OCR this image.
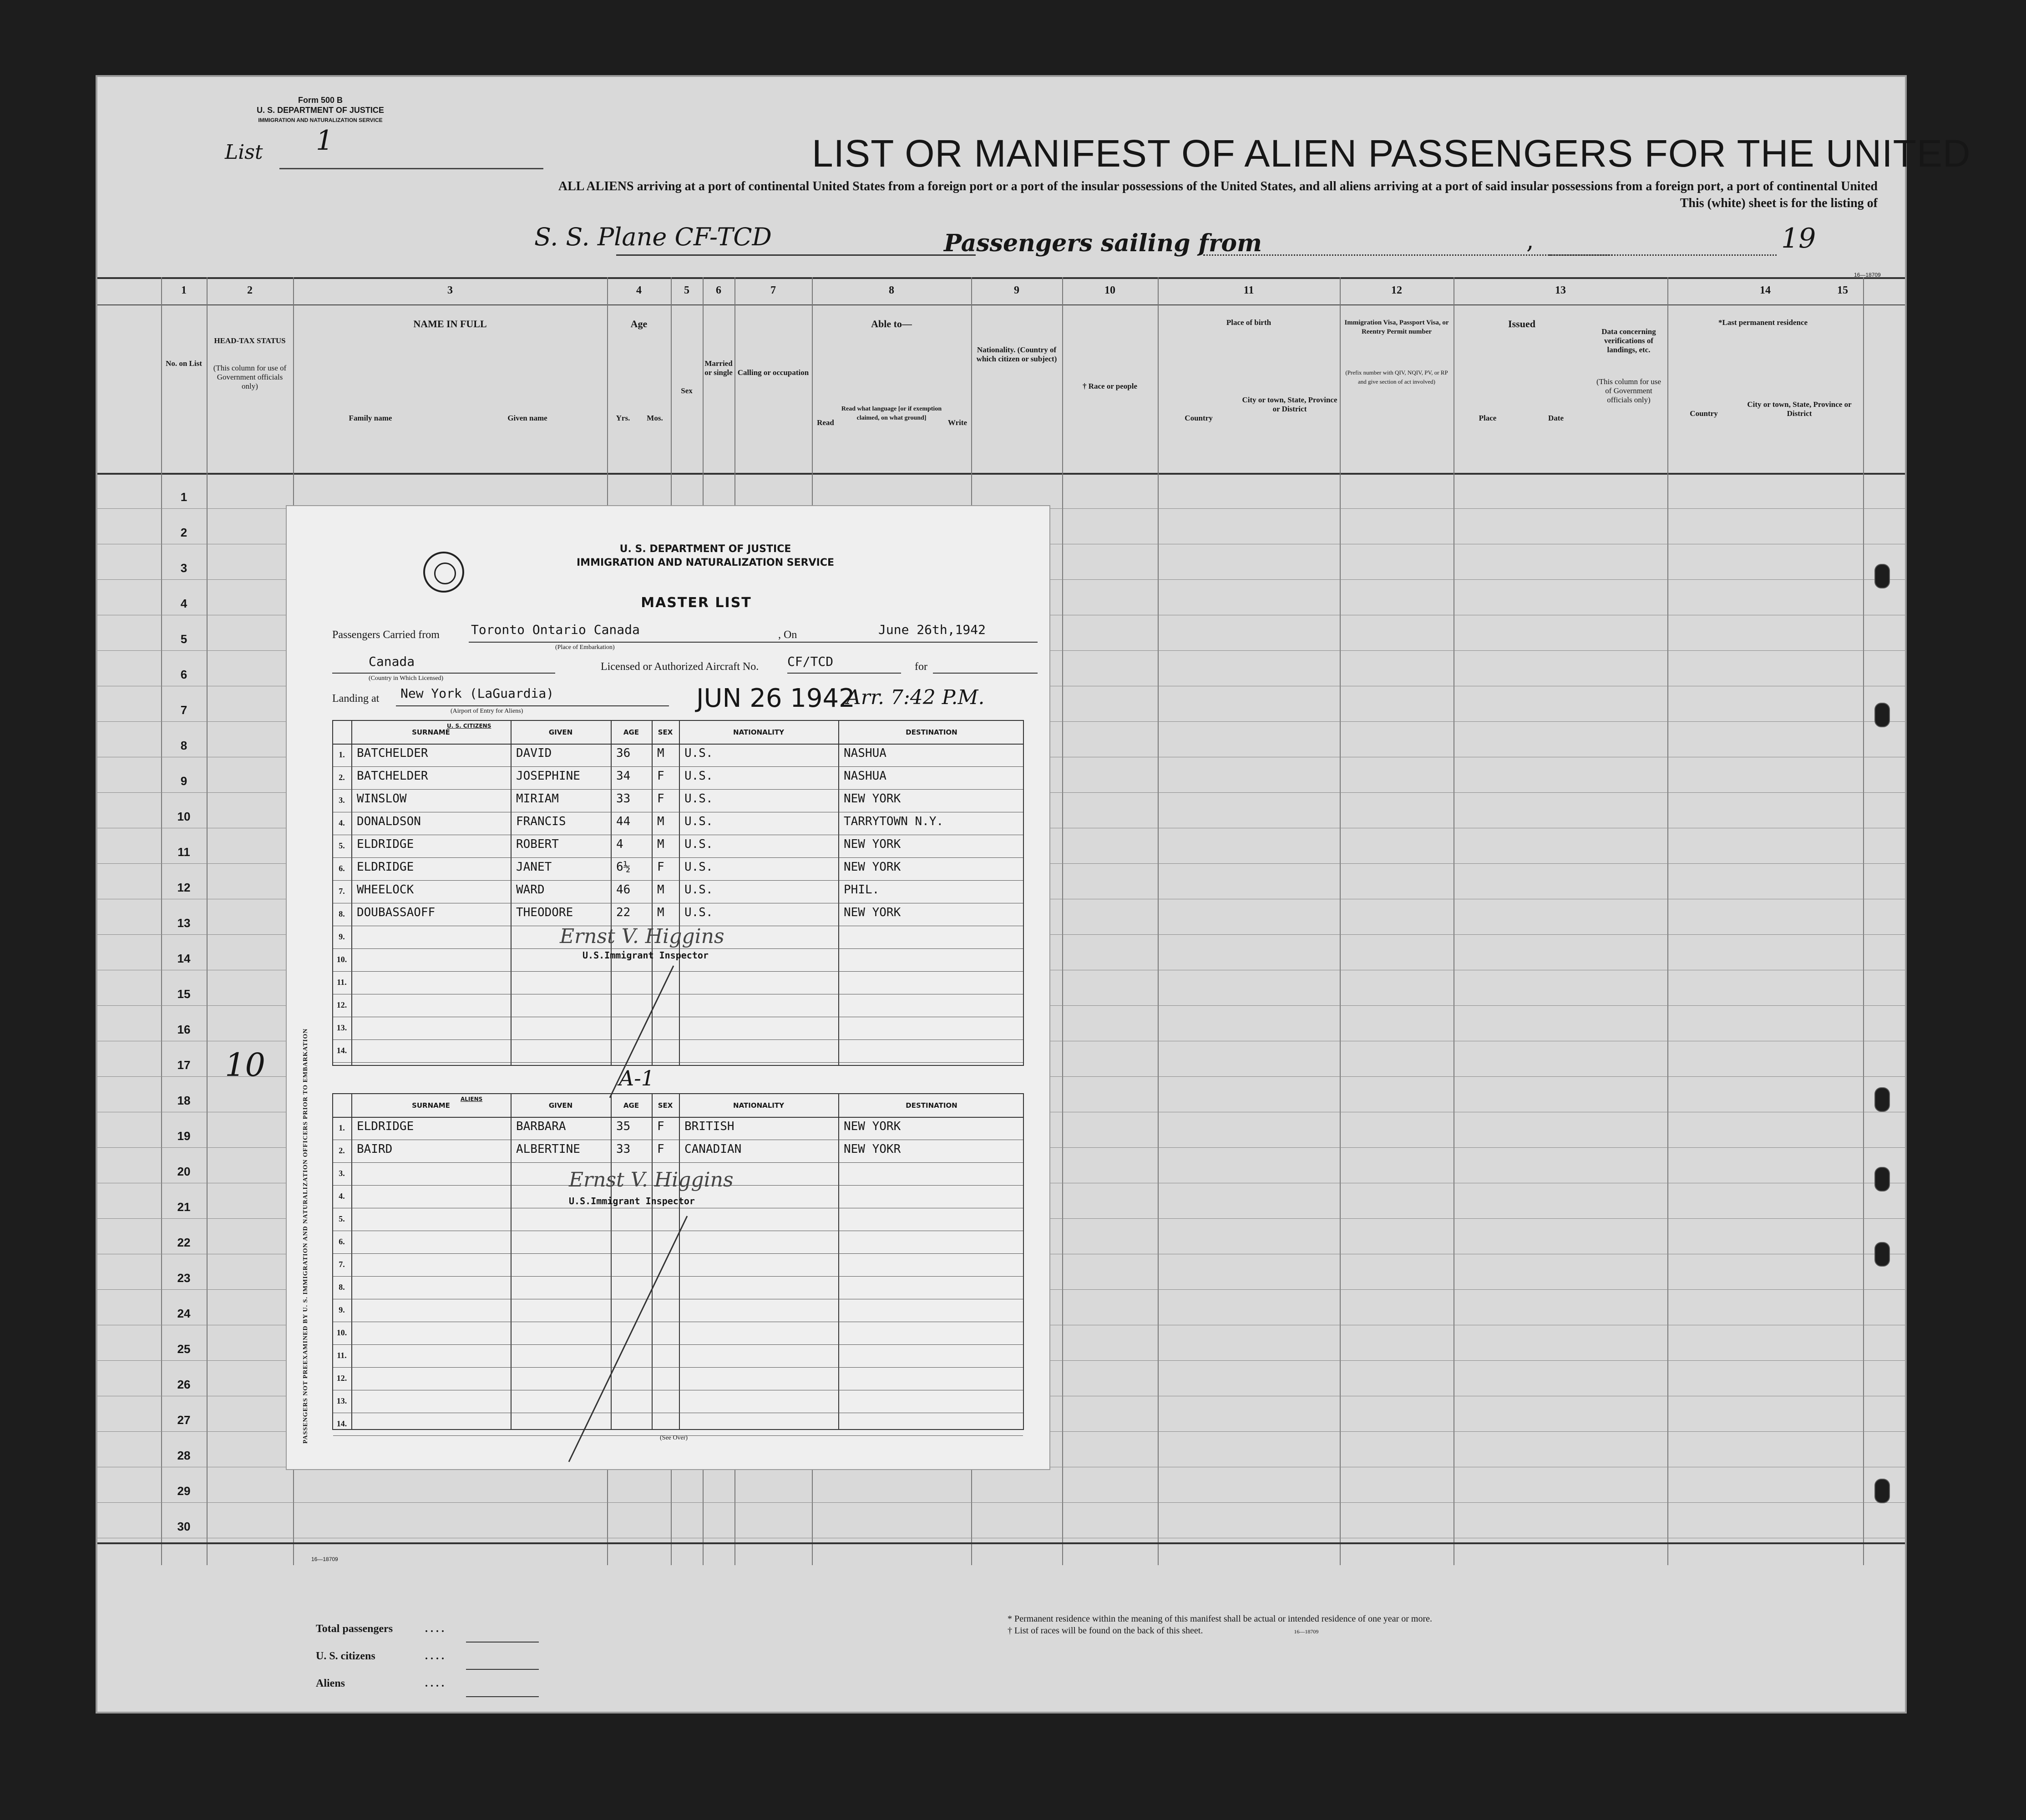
Form 500 B
U. S. DEPARTMENT OF JUSTICE
IMMIGRATION AND NATURALIZATION SERVICE
List 1	LIST OR MANIFEST OF ALIEN PASSENGERS FOR THE UNITED
ALL ALIENS arriving at a port of continental United States from a foreign port or a port of the insular possessions of the United States, and all aliens arriving at a port of said insular possessions from a foreign port, a port of continental United
This (white) sheet is for the listing of
S. S. Plane CF-TCD	Passengers sailing from	,	19
16—18709
1	2	3	4	5	6	7	8	9	10	11	12	13	14	15
No. on List
HEAD-TAX STATUS
(This column for use of Government officials only)
NAME IN FULL
Family name	Given name
Age
Yrs.	Mos.
Sex
Married or single Calling or occupation
Able to—
Read
Read what language [or if exemption claimed, on what ground]
Write
Nationality. (Country of which citizen or subject)
† Race or people
Place of birth
Country
City or town, State, Province or District
Immigration Visa, Passport Visa, or Reentry Permit number
(Prefix number with QIV, NQIV, PV, or RP and give section of act involved)
Issued
Place	Date
Data concerning verifications of landings, etc.
(This column for use of Government officials only)
*Last permanent residence
Country
City or town, State, Province or District
1
2
3
4
5
6
7
8
9
10
11
12
13
14
15
16
17
18
19
20
21
22
23
24
25
26
27
28
29
30
10
16—18709
Total passengers	. . . .
U. S. citizens	. . . .
Aliens	. . . .
* Permanent residence within the meaning of this manifest shall be actual or intended residence of one year or more.
† List of races will be found on the back of this sheet.	16—18709
U. S. DEPARTMENT OF JUSTICE
IMMIGRATION AND NATURALIZATION SERVICE
MASTER LIST
Passengers Carried from Toronto Ontario Canada
(Place of Embarkation)
, On	June 26th,1942
Canada
(Country in Which Licensed)
Licensed or Authorized Aircraft No. CF/TCD	for
Landing at New York (LaGuardia)
(Airport of Entry for Aliens)	JUN 26 1942
Arr. 7:42 P.M.
U. S. CITIZENS
SURNAME	GIVEN	AGE	SEX	NATIONALITY	DESTINATION
1.	BATCHELDER	DAVID	36 M U.S.	NASHUA
2.	BATCHELDER	JOSEPHINE	34 F U.S.	NASHUA
3.	WINSLOW	MIRIAM	33 F U.S.	NEW YORK
4.	DONALDSON	FRANCIS	44 M U.S.	TARRYTOWN N.Y.
5.	ELDRIDGE	ROBERT	4	M U.S.	NEW YORK
6.	ELDRIDGE	JANET	6½ F U.S.	NEW YORK
7.	WHEELOCK	WARD	46 M U.S.	PHIL.
8.	DOUBASSAOFF	THEODORE	22 M U.S.	NEW YORK
9.
10.
11.
12.
13.
14.
A-1
ALIENS
SURNAME	GIVEN	AGE	SEX	NATIONALITY	DESTINATION
1.	ELDRIDGE	BARBARA	35 F BRITISH	NEW YORK
2.	BAIRD	ALBERTINE	33 F CANADIAN	NEW YOKR
3.
4.
5.
6.
7.
8.
9.
10.
11.
12.
13.
14.
Ernst V. Higgins
U.S.Immigrant Inspector
Ernst V. Higgins
U.S.Immigrant Inspector
(See Over)
PASSENGERS NOT PREEXAMINED BY U. S. IMMIGRATION AND NATURALIZATION OFFICERS PRIOR TO EMBARKATION
